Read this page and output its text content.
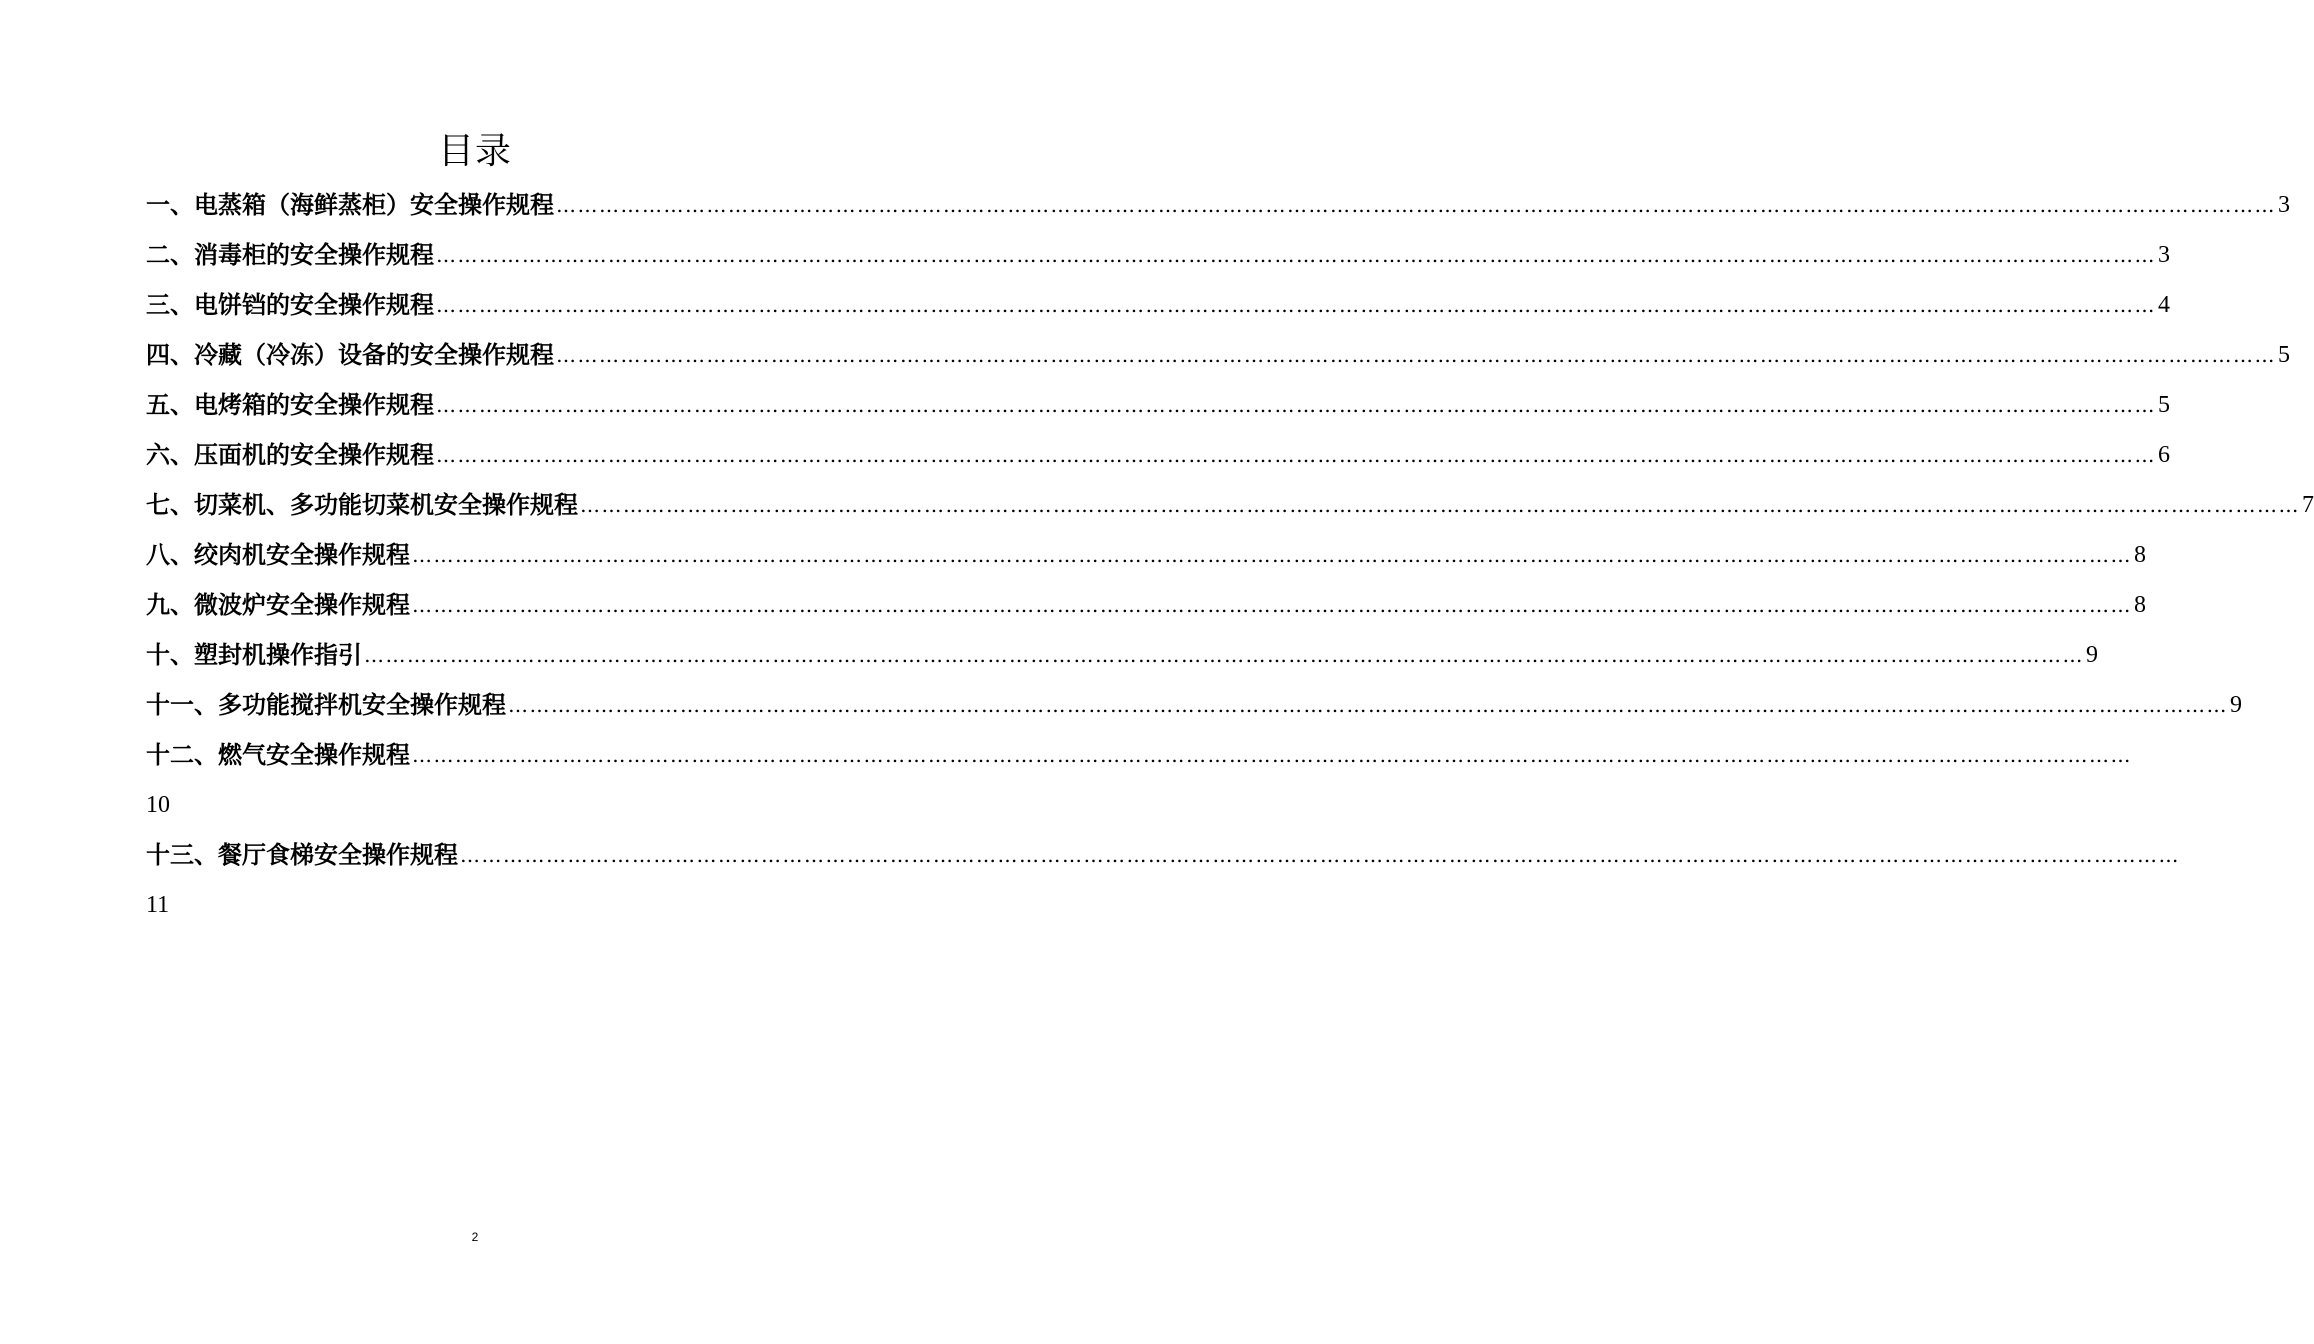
目录
一、电蒸箱（海鲜蒸柜）安全操作规程 …………………………………………………………………………………………………………………………………………………………………………………………………………………… 3
二、消毒柜的安全操作规程 …………………………………………………………………………………………………………………………………………………………………………………………………………………… 3
三、电饼铛的安全操作规程 …………………………………………………………………………………………………………………………………………………………………………………………………………………… 4
四、冷藏（冷冻）设备的安全操作规程 …………………………………………………………………………………………………………………………………………………………………………………………………………………… 5
五、电烤箱的安全操作规程 …………………………………………………………………………………………………………………………………………………………………………………………………………………… 5
六、压面机的安全操作规程 …………………………………………………………………………………………………………………………………………………………………………………………………………………… 6
七、切菜机、多功能切菜机安全操作规程 …………………………………………………………………………………………………………………………………………………………………………………………………………………… 7
八、绞肉机安全操作规程 …………………………………………………………………………………………………………………………………………………………………………………………………………………… 8
九、微波炉安全操作规程 …………………………………………………………………………………………………………………………………………………………………………………………………………………… 8
十、塑封机操作指引 …………………………………………………………………………………………………………………………………………………………………………………………………………………… 9
十一、多功能搅拌机安全操作规程 …………………………………………………………………………………………………………………………………………………………………………………………………………………… 9
十二、燃气安全操作规程 ……………………………………………………………………………………………………………………………………………………………………………………………………………………
10
十三、餐厅食梯安全操作规程 ……………………………………………………………………………………………………………………………………………………………………………………………………………………
11
2
